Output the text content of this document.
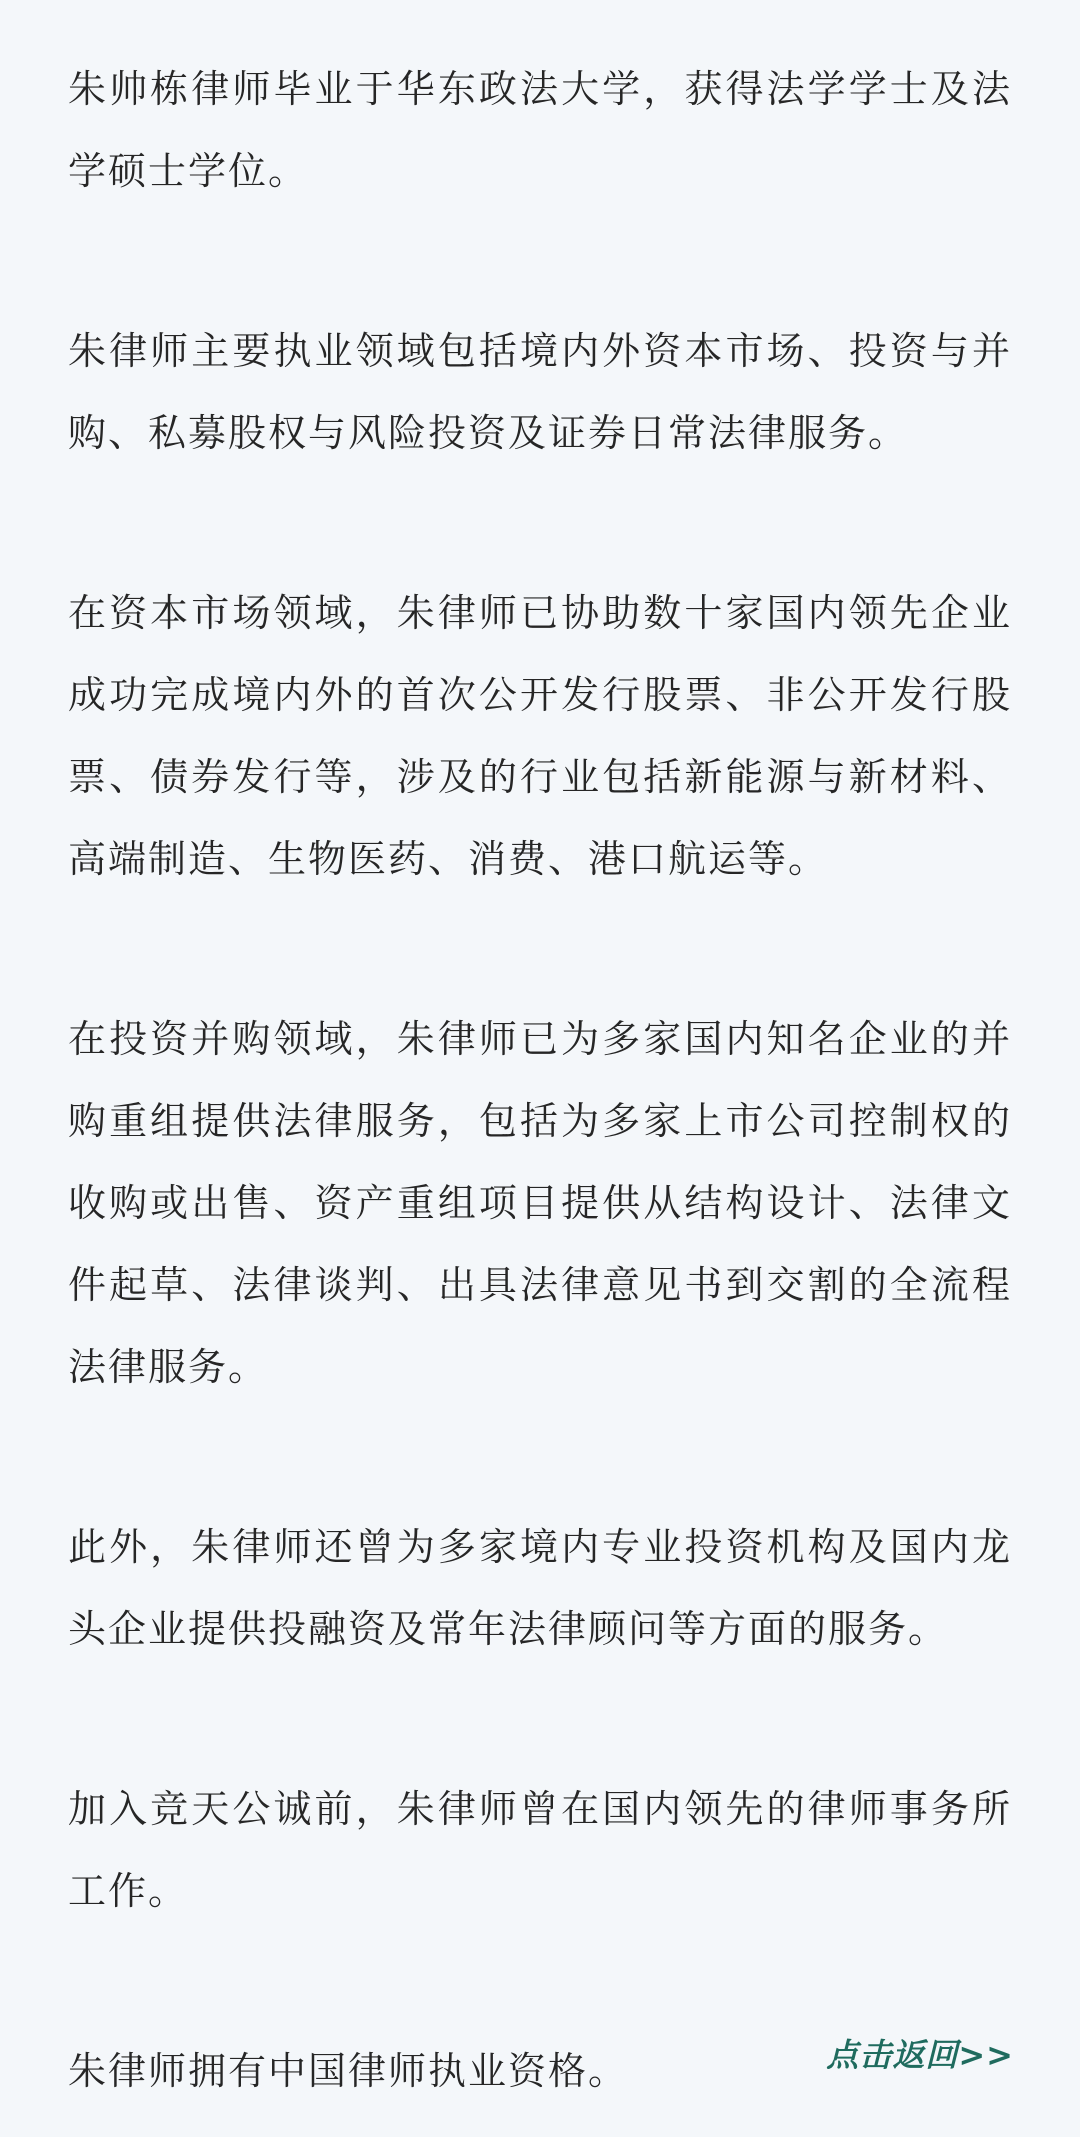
朱帅栋律师毕业于华东政法大学，获得法学学士及法学硕士学位。

朱律师主要执业领域包括境内外资本市场、投资与并购、私募股权与风险投资及证券日常法律服务。

在资本市场领域，朱律师已协助数十家国内领先企业成功完成境内外的首次公开发行股票、非公开发行股票、债券发行等，涉及的行业包括新能源与新材料、高端制造、生物医药、消费、港口航运等。

在投资并购领域，朱律师已为多家国内知名企业的并购重组提供法律服务，包括为多家上市公司控制权的收购或出售、资产重组项目提供从结构设计、法律文件起草、法律谈判、出具法律意见书到交割的全流程法律服务。

此外，朱律师还曾为多家境内专业投资机构及国内龙头企业提供投融资及常年法律顾问等方面的服务。

加入竞天公诚前，朱律师曾在国内领先的律师事务所工作。

朱律师拥有中国律师执业资格。	点击返回>>
